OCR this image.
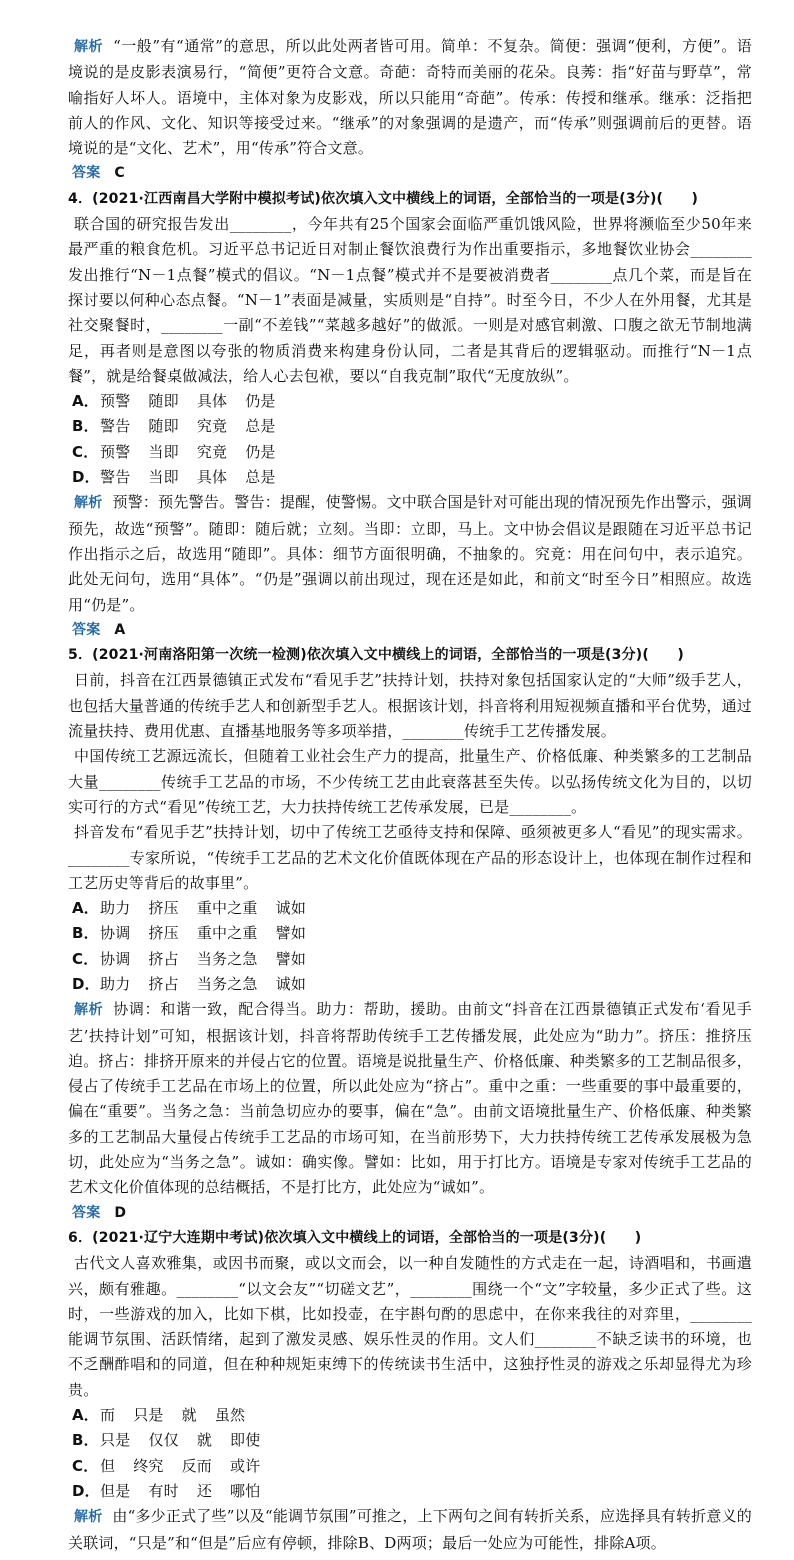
解析 “一般”有“通常”的意思，所以此处两者皆可用。简单：不复杂。简便：强调“便利，方便”。语境说的是皮影表演易行，“简便”更符合文意。奇葩：奇特而美丽的花朵。良莠：指“好苗与野草”，常喻指好人坏人。语境中，主体对象为皮影戏，所以只能用“奇葩”。传承：传授和继承。继承：泛指把前人的作风、文化、知识等接受过来。“继承”的对象强调的是遗产，而“传承”则强调前后的更替。语境说的是“文化、艺术”，用“传承”符合文意。

答案 C

4．(2021·江西南昌大学附中模拟考试)依次填入文中横线上的词语，全部恰当的一项是(3分)(　　)

联合国的研究报告发出________，今年共有25个国家会面临严重饥饿风险，世界将濒临至少50年来最严重的粮食危机。习近平总书记近日对制止餐饮浪费行为作出重要指示，多地餐饮业协会________发出推行“N－1点餐”模式的倡议。“N－1点餐”模式并不是要被消费者________点几个菜，而是旨在探讨要以何种心态点餐。“N－1”表面是减量，实质则是“自持”。时至今日，不少人在外用餐，尤其是社交聚餐时，________一副“不差钱”“菜越多越好”的做派。一则是对感官刺激、口腹之欲无节制地满足，再者则是意图以夸张的物质消费来构建身份认同，二者是其背后的逻辑驱动。而推行“N－1点餐”，就是给餐桌做减法，给人心去包袱，要以“自我克制”取代“无度放纵”。

A．预警 随即 具体 仍是

B．警告 随即 究竟 总是

C． 预警 当即 究竟 仍是

D．警告 当即 具体 总是

解析 预警：预先警告。警告：提醒，使警惕。文中联合国是针对可能出现的情况预先作出警示，强调预先，故选“预警”。随即：随后就；立刻。当即：立即，马上。文中协会倡议是跟随在习近平总书记作出指示之后，故选用“随即”。具体：细节方面很明确，不抽象的。究竟：用在问句中，表示追究。此处无问句，选用“具体”。“仍是”强调以前出现过，现在还是如此，和前文“时至今日”相照应。故选用“仍是”。

答案 A

5．(2021·河南洛阳第一次统一检测)依次填入文中横线上的词语，全部恰当的一项是(3分)(　　)

日前，抖音在江西景德镇正式发布“看见手艺”扶持计划，扶持对象包括国家认定的“大师”级手艺人，也包括大量普通的传统手艺人和创新型手艺人。根据该计划，抖音将利用短视频直播和平台优势，通过流量扶持、费用优惠、直播基地服务等多项举措，________传统手工艺传播发展。

中国传统工艺源远流长，但随着工业社会生产力的提高，批量生产、价格低廉、种类繁多的工艺制品大量________传统手工艺品的市场，不少传统工艺由此衰落甚至失传。以弘扬传统文化为目的，以切实可行的方式“看见”传统工艺，大力扶持传统工艺传承发展，已是________。

抖音发布“看见手艺”扶持计划，切中了传统工艺亟待支持和保障、亟须被更多人“看见”的现实需求。________专家所说，“传统手工艺品的艺术文化价值既体现在产品的形态设计上，也体现在制作过程和工艺历史等背后的故事里”。

A．助力 挤压 重中之重 诚如

B．协调 挤压 重中之重 譬如

C． 协调 挤占 当务之急 譬如

D．助力 挤占 当务之急 诚如

解析 协调：和谐一致，配合得当。助力：帮助，援助。由前文“抖音在江西景德镇正式发布‘看见手艺’扶持计划”可知，根据该计划，抖音将帮助传统手工艺传播发展，此处应为“助力”。挤压：推挤压迫。挤占：排挤开原来的并侵占它的位置。语境是说批量生产、价格低廉、种类繁多的工艺制品很多，侵占了传统手工艺品在市场上的位置，所以此处应为“挤占”。重中之重：一些重要的事中最重要的，偏在“重要”。当务之急：当前急切应办的要事，偏在“急”。由前文语境批量生产、价格低廉、种类繁多的工艺制品大量侵占传统手工艺品的市场可知，在当前形势下，大力扶持传统工艺传承发展极为急切，此处应为“当务之急”。诚如：确实像。譬如：比如，用于打比方。语境是专家对传统手工艺品的艺术文化价值体现的总结概括，不是打比方，此处应为“诚如”。

答案 D

6．(2021·辽宁大连期中考试)依次填入文中横线上的词语，全部恰当的一项是(3分)(　　)

古代文人喜欢雅集，或因书而聚，或以文而会，以一种自发随性的方式走在一起，诗酒唱和，书画遣兴，颇有雅趣。________“以文会友”“切磋文艺”，________围绕一个“文”字较量，多少正式了些。这时，一些游戏的加入，比如下棋，比如投壶，在宇斟句酌的思虑中，在你来我往的对弈里，________能调节氛围、活跃情绪，起到了激发灵感、娱乐性灵的作用。文人们________不缺乏读书的环境，也不乏酬酢唱和的同道，但在种种规矩束缚下的传统读书生活中，这独抒性灵的游戏之乐却显得尤为珍贵。

A．而 只是 就 虽然

B．只是 仅仅 就 即使

C． 但 终究 反而 或许

D．但是 有时 还 哪怕

解析 由“多少正式了些”以及“能调节氛围”可推之，上下两句之间有转折关系，应选择具有转折意义的关联词，“只是”和“但是”后应有停顿，排除B、D两项；最后一处应为可能性，排除A项。
